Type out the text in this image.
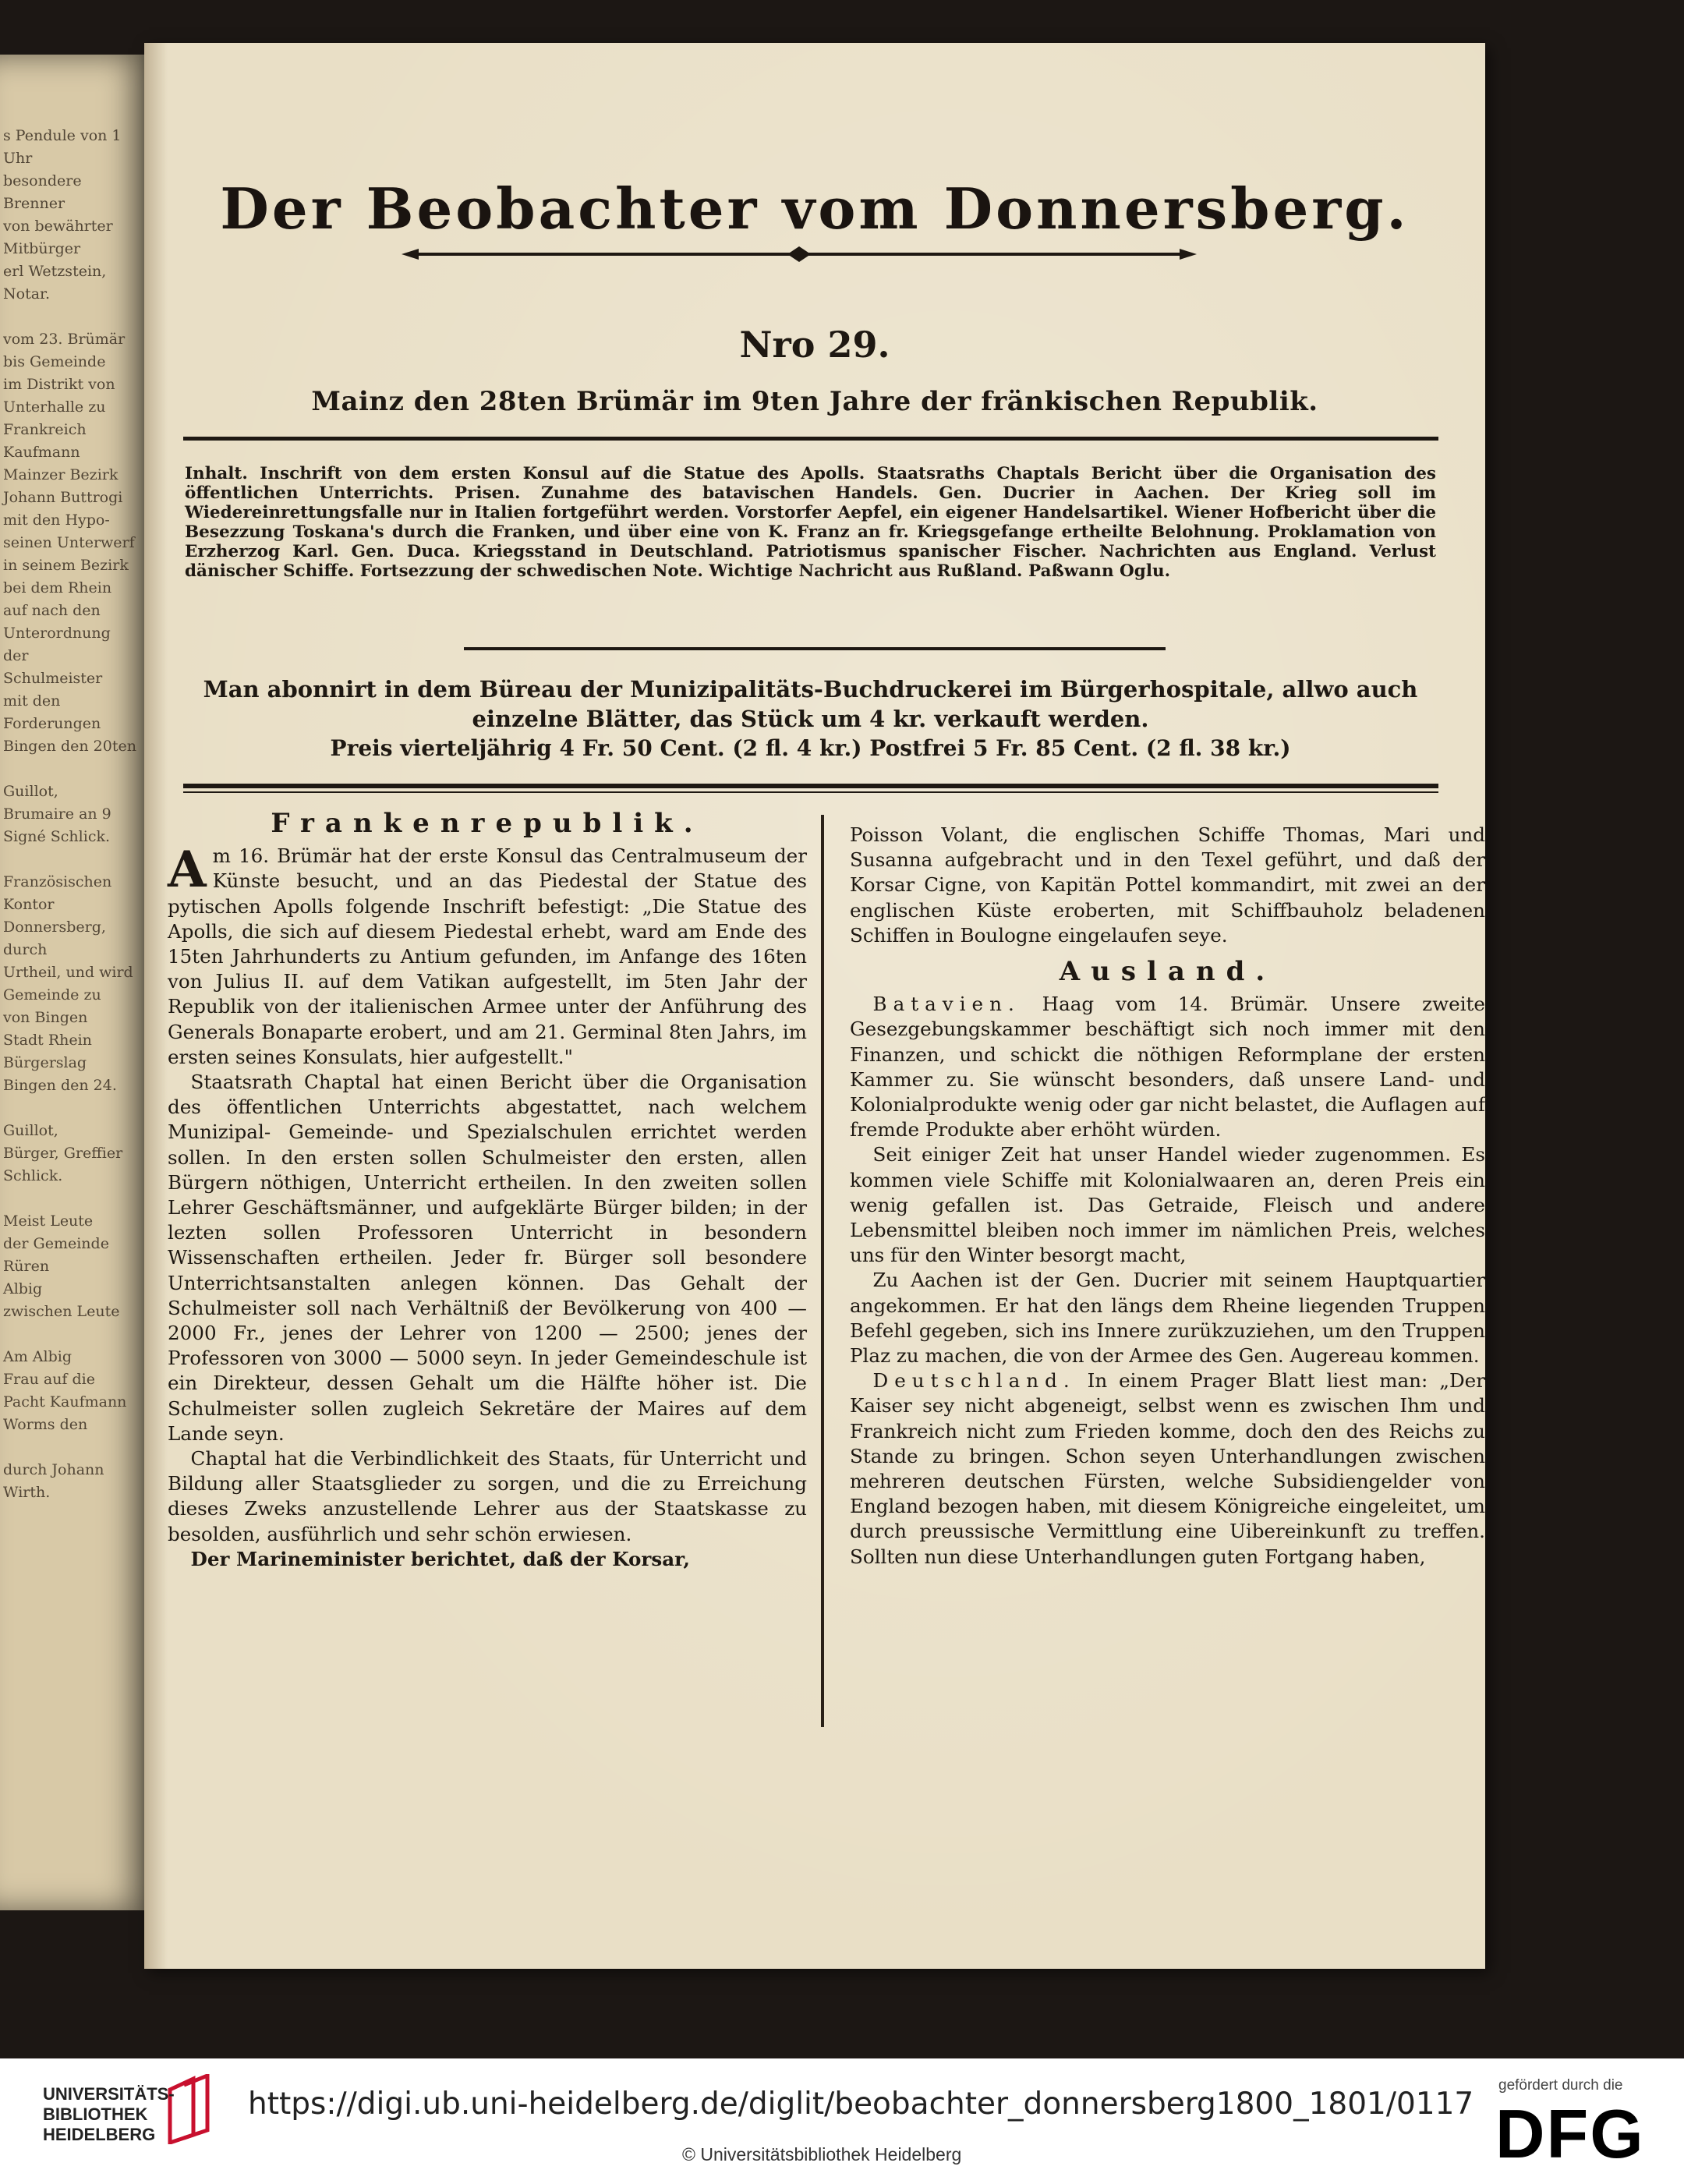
s Pendule von 1 Uhr
besondere Brenner
von bewährter
Mitbürger
erl Wetzstein, Notar.

vom 23. Brümär
bis Gemeinde
im Distrikt von
Unterhalle zu
Frankreich
Kaufmann
Mainzer Bezirk
Johann Buttrogi
mit den Hypo-
seinen Unterwerf
in seinem Bezirk
bei dem Rhein
auf nach den
Unterordnung der
Schulmeister
mit den Forderungen
Bingen den 20ten

Guillot,
Brumaire an 9
Signé Schlick.

Französischen Kontor
Donnersberg, durch
Urtheil, und wird
Gemeinde zu
von Bingen
Stadt Rhein
Bürgerslag
Bingen den 24.

Guillot,
Bürger, Greffier
Schlick.

Meist Leute
der Gemeinde
Rüren
Albig
zwischen Leute

Am Albig
Frau auf die
Pacht Kaufmann
Worms den

durch Johann Wirth.
Der Beobachter vom Donnersberg.
Nro 29.
Mainz den 28ten Brümär im 9ten Jahre der fränkischen Republik.
Inhalt. Inschrift von dem ersten Konsul auf die Statue des Apolls. Staatsraths Chaptals Bericht über die Organisation des öffentlichen Unterrichts. Prisen. Zunahme des batavischen Handels. Gen. Ducrier in Aachen. Der Krieg soll im Wiedereinrettungsfalle nur in Italien fortgeführt werden. Vorstorfer Aepfel, ein eigener Handelsartikel. Wiener Hofbericht über die Besezzung Toskana's durch die Franken, und über eine von K. Franz an fr. Kriegsgefange ertheilte Belohnung. Proklamation von Erzherzog Karl. Gen. Duca. Kriegsstand in Deutschland. Patriotismus spanischer Fischer. Nachrichten aus England. Verlust dänischer Schiffe. Fortsezzung der schwedischen Note. Wichtige Nachricht aus Rußland. Paßwann Oglu.
Man abonnirt in dem Büreau der Munizipalitäts-Buchdruckerei im Bürgerhospitale, allwo auch
einzelne Blätter, das Stück um 4 kr. verkauft werden.
Preis vierteljährig 4 Fr. 50 Cent. (2 fl. 4 kr.) Postfrei 5 Fr. 85 Cent. (2 fl. 38 kr.)
Frankenrepublik.

Am 16. Brümär hat der erste Konsul das Centralmuseum der Künste besucht, und an das Piedestal der Statue des pytischen Apolls folgende Inschrift befestigt: „Die Statue des Apolls, die sich auf diesem Piedestal erhebt, ward am Ende des 15ten Jahrhunderts zu Antium gefunden, im Anfange des 16ten von Julius II. auf dem Vatikan aufgestellt, im 5ten Jahr der Republik von der italienischen Armee unter der Anführung des Generals Bonaparte erobert, und am 21. Germinal 8ten Jahrs, im ersten seines Konsulats, hier aufgestellt."

Staatsrath Chaptal hat einen Bericht über die Organisation des öffentlichen Unterrichts abgestattet, nach welchem Munizipal- Gemeinde- und Spezialschulen errichtet werden sollen. In den ersten sollen Schulmeister den ersten, allen Bürgern nöthigen, Unterricht ertheilen. In den zweiten sollen Lehrer Geschäftsmänner, und aufgeklärte Bürger bilden; in der lezten sollen Professoren Unterricht in besondern Wissenschaften ertheilen. Jeder fr. Bürger soll besondere Unterrichtsanstalten anlegen können. Das Gehalt der Schulmeister soll nach Verhältniß der Bevölkerung von 400 — 2000 Fr., jenes der Lehrer von 1200 — 2500; jenes der Professoren von 3000 — 5000 seyn. In jeder Gemeindeschule ist ein Direkteur, dessen Gehalt um die Hälfte höher ist. Die Schulmeister sollen zugleich Sekretäre der Maires auf dem Lande seyn.

Chaptal hat die Verbindlichkeit des Staats, für Unterricht und Bildung aller Staatsglieder zu sorgen, und die zu Erreichung dieses Zweks anzustellende Lehrer aus der Staatskasse zu besolden, ausführlich und sehr schön erwiesen.

Der Marineminister berichtet, daß der Korsar,

Poisson Volant, die englischen Schiffe Thomas, Mari und Susanna aufgebracht und in den Texel geführt, und daß der Korsar Cigne, von Kapitän Pottel kommandirt, mit zwei an der englischen Küste eroberten, mit Schiffbauholz beladenen Schiffen in Boulogne eingelaufen seye.

Ausland.

Batavien. Haag vom 14. Brümär. Unsere zweite Gesezgebungskammer beschäftigt sich noch immer mit den Finanzen, und schickt die nöthigen Reformplane der ersten Kammer zu. Sie wünscht besonders, daß unsere Land- und Kolonialprodukte wenig oder gar nicht belastet, die Auflagen auf fremde Produkte aber erhöht würden.

Seit einiger Zeit hat unser Handel wieder zugenommen. Es kommen viele Schiffe mit Kolonialwaaren an, deren Preis ein wenig gefallen ist. Das Getraide, Fleisch und andere Lebensmittel bleiben noch immer im nämlichen Preis, welches uns für den Winter besorgt macht,

Zu Aachen ist der Gen. Ducrier mit seinem Hauptquartier angekommen. Er hat den längs dem Rheine liegenden Truppen Befehl gegeben, sich ins Innere zurükzuziehen, um den Truppen Plaz zu machen, die von der Armee des Gen. Augereau kommen.

Deutschland. In einem Prager Blatt liest man: „Der Kaiser sey nicht abgeneigt, selbst wenn es zwischen Ihm und Frankreich nicht zum Frieden komme, doch den des Reichs zu Stande zu bringen. Schon seyen Unterhandlungen zwischen mehreren deutschen Fürsten, welche Subsidiengelder von England bezogen haben, mit diesem Königreiche eingeleitet, um durch preussische Vermittlung eine Uibereinkunft zu treffen. Sollten nun diese Unterhandlungen guten Fortgang haben,

UNIVERSITÄTS-
BIBLIOTHEK
HEIDELBERG
https://digi.ub.uni-heidelberg.de/diglit/beobachter_donnersberg1800_1801/0117
© Universitätsbibliothek Heidelberg
gefördert durch die
DFG
